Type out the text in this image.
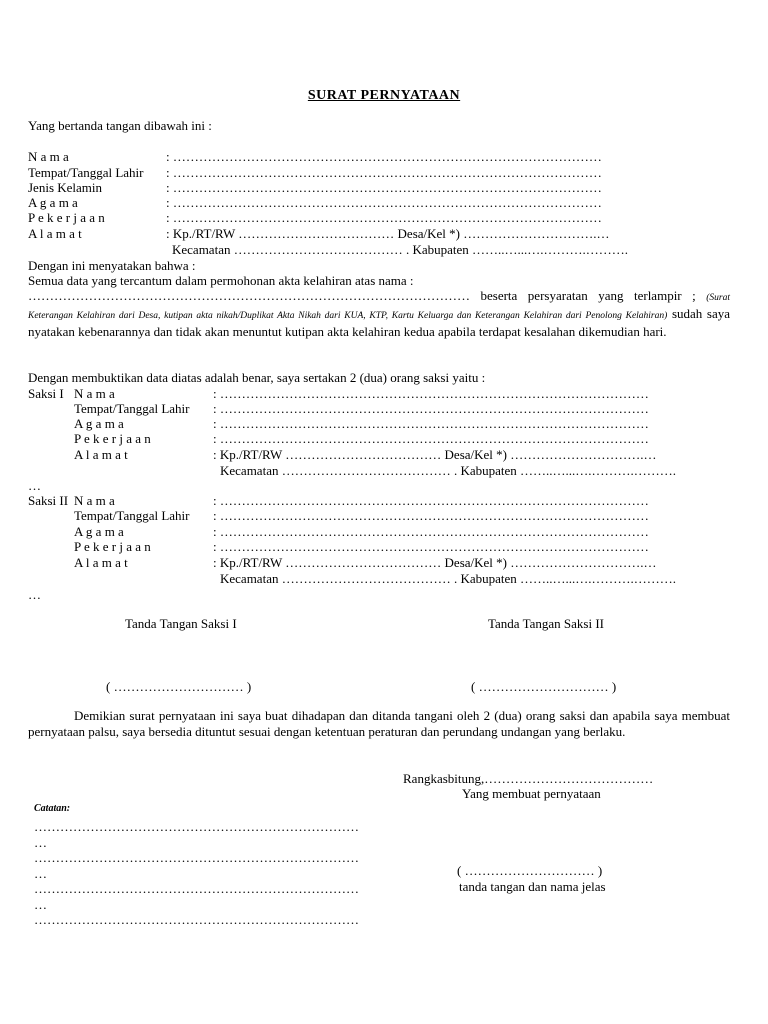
SURAT PERNYATAAN
Yang bertanda tangan dibawah ini :
N a m a	: ………………………………………………………………………………………
Tempat/Tanggal Lahir : ………………………………………………………………………………………
Jenis Kelamin	: ………………………………………………………………………………………
A g a m a	: ………………………………………………………………………………………
P e k e r j a a n	: ………………………………………………………………………………………
A l a m a t	: Kp./RT/RW ……………………………… Desa/Kel *) ………………………….…
Kecamatan ………………………………… . Kabupaten ……..…...….……….……….
Dengan ini menyatakan bahwa :
Semua data yang tercantum dalam permohonan akta kelahiran atas nama :
………………………………………………………………………………………… beserta persyaratan yang terlampir ; (Surat Keterangan Kelahiran dari Desa, kutipan akta nikah/Duplikat Akta Nikah dari KUA, KTP, Kartu Keluarga dan Keterangan Kelahiran dari Penolong Kelahiran) sudah saya nyatakan kebenarannya dan tidak akan menuntut kutipan akta kelahiran kedua apabila terdapat kesalahan dikemudian hari.
Dengan membuktikan data diatas adalah benar, saya sertakan 2 (dua) orang saksi yaitu :
Saksi I N a m a	: ………………………………………………………………………………………
Tempat/Tanggal Lahir : ………………………………………………………………………………………
A g a m a	: ………………………………………………………………………………………
P e k e r j a a n	: ………………………………………………………………………………………
A l a m a t	: Kp./RT/RW ……………………………… Desa/Kel *) ………………………….…
Kecamatan ………………………………… . Kabupaten ……..…...….……….……….
…
Saksi II N a m a	: ………………………………………………………………………………………
Tempat/Tanggal Lahir : ………………………………………………………………………………………
A g a m a	: ………………………………………………………………………………………
P e k e r j a a n	: ………………………………………………………………………………………
A l a m a t	: Kp./RT/RW ……………………………… Desa/Kel *) ………………………….…
Kecamatan ………………………………… . Kabupaten ……..…...….……….……….
…
Tanda Tangan Saksi I	Tanda Tangan Saksi II
( ………………………… )	( ………………………… )
Demikian surat pernyataan ini saya buat dihadapan dan ditanda tangani oleh 2 (dua) orang saksi dan apabila saya membuat pernyataan palsu, saya bersedia dituntut sesuai dengan ketentuan peraturan dan perundang undangan yang berlaku.
Rangkasbitung,…………………………………
Yang membuat pernyataan
Catatan:
…………………………………………………………………
…
…………………………………………………………………
…
…………………………………………………………………
…
…………………………………………………………………
( ………………………… )
tanda tangan dan nama jelas
